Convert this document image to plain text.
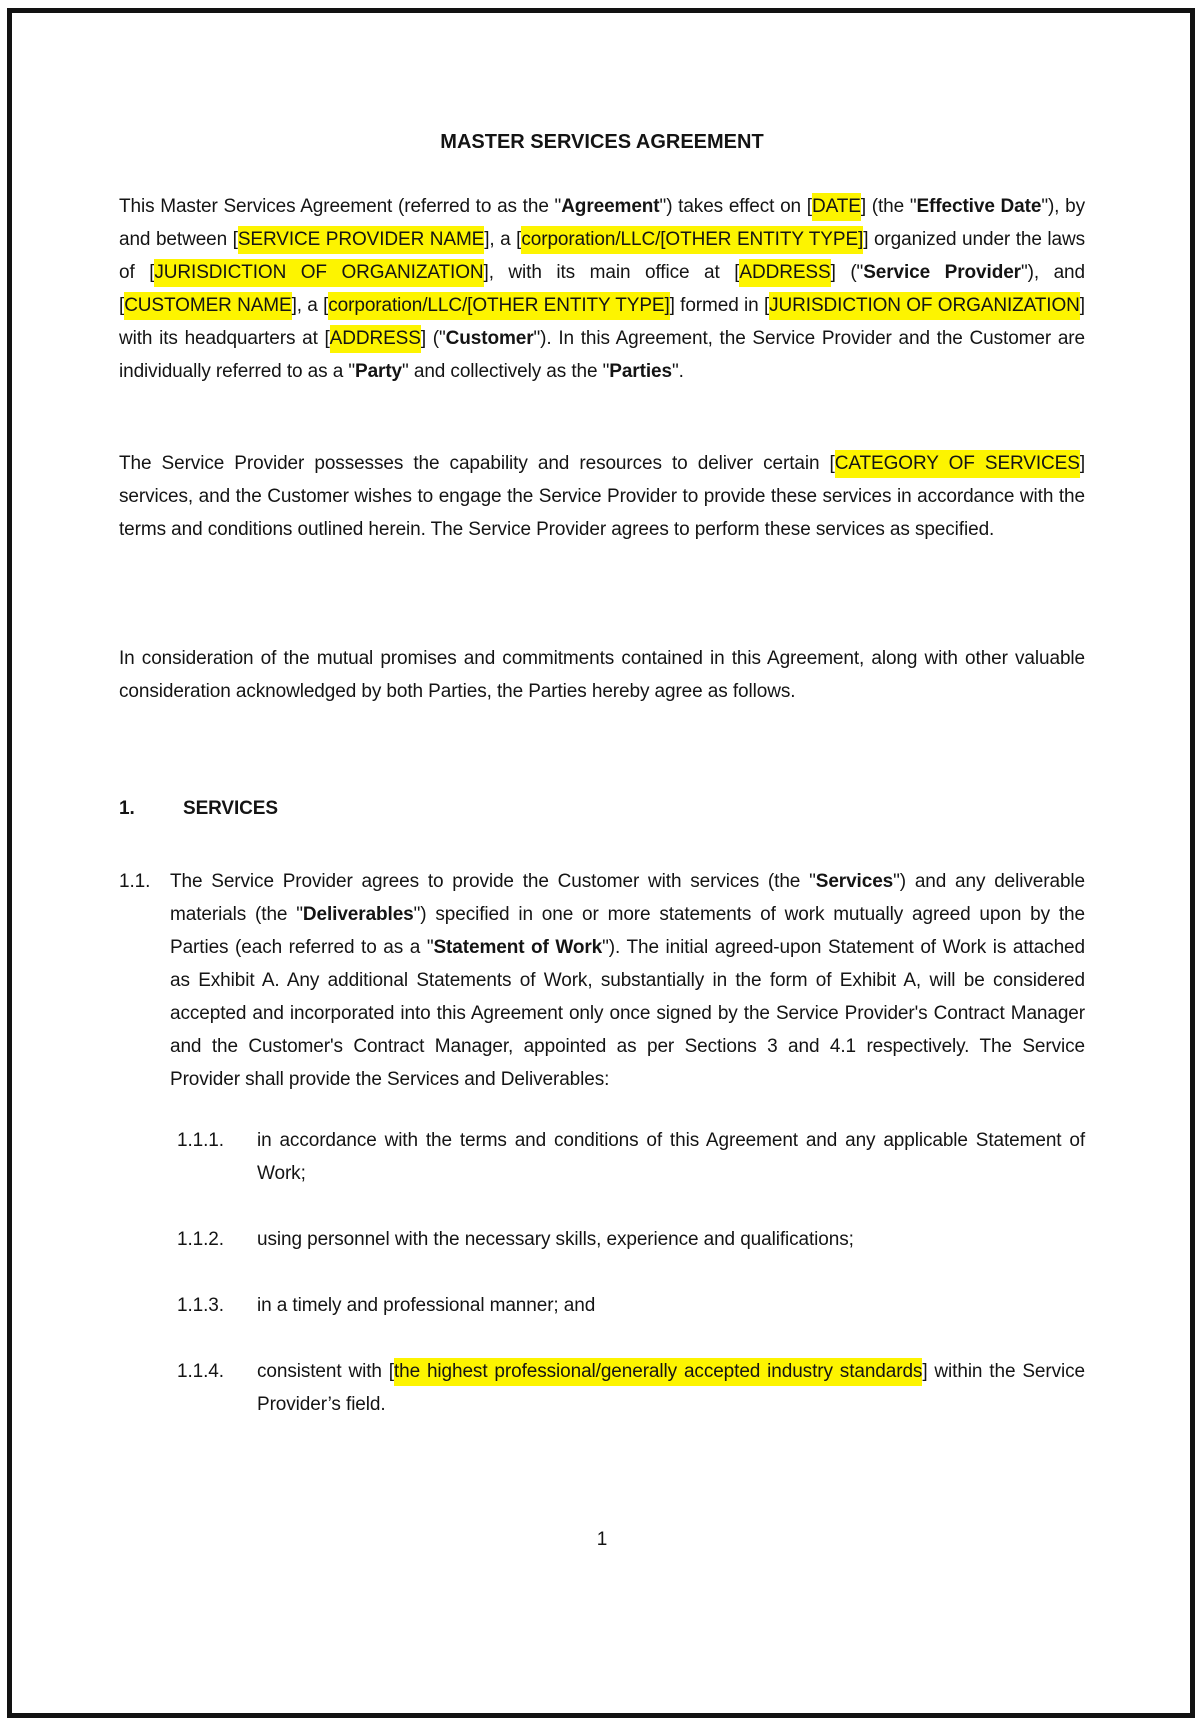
MASTER SERVICES AGREEMENT

This Master Services Agreement (referred to as the "Agreement") takes effect on [DATE] (the "Effective Date"), by and between [SERVICE PROVIDER NAME], a [corporation/LLC/[OTHER ENTITY TYPE]] organized under the laws of [JURISDICTION OF ORGANIZATION], with its main office at [ADDRESS] ("Service Provider"), and [CUSTOMER NAME], a [corporation/LLC/[OTHER ENTITY TYPE]] formed in [JURISDICTION OF ORGANIZATION] with its headquarters at [ADDRESS] ("Customer"). In this Agreement, the Service Provider and the Customer are individually referred to as a "Party" and collectively as the "Parties".

The Service Provider possesses the capability and resources to deliver certain [CATEGORY OF SERVICES] services, and the Customer wishes to engage the Service Provider to provide these services in accordance with the terms and conditions outlined herein. The Service Provider agrees to perform these services as specified.

In consideration of the mutual promises and commitments contained in this Agreement, along with other valuable consideration acknowledged by both Parties, the Parties hereby agree as follows.

1.	SERVICES
1.1.	The Service Provider agrees to provide the Customer with services (the "Services") and any deliverable materials (the "Deliverables") specified in one or more statements of work mutually agreed upon by the Parties (each referred to as a "Statement of Work"). The initial agreed-upon Statement of Work is attached as Exhibit A. Any additional Statements of Work, substantially in the form of Exhibit A, will be considered accepted and incorporated into this Agreement only once signed by the Service Provider's Contract Manager and the Customer's Contract Manager, appointed as per Sections 3 and 4.1 respectively. The Service Provider shall provide the Services and Deliverables:
1.1.1.	in accordance with the terms and conditions of this Agreement and any applicable Statement of Work;
1.1.2.	using personnel with the necessary skills, experience and qualifications;
1.1.3.	in a timely and professional manner; and
1.1.4.	consistent with [the highest professional/generally accepted industry standards] within the Service Provider’s field.
1
